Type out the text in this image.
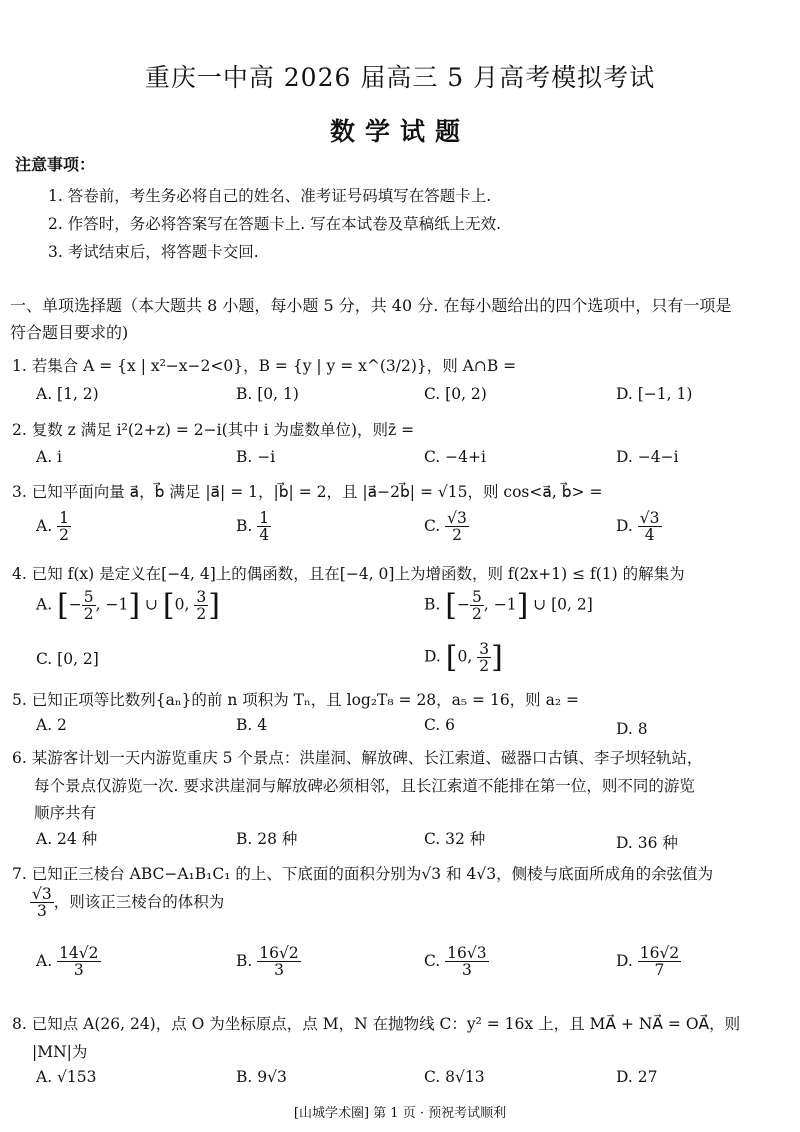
重庆一中高 2026 届高三 5 月高考模拟考试
数学试题
注意事项：
1. 答卷前，考生务必将自己的姓名、准考证号码填写在答题卡上.
2. 作答时，务必将答案写在答题卡上. 写在本试卷及草稿纸上无效.
3. 考试结束后，将答题卡交回.
一、单项选择题（本大题共 8 小题，每小题 5 分，共 40 分. 在每小题给出的四个选项中，只有一项是
符合题目要求的)
1. 若集合 A = {x | x²−x−2<0}，B = {y | y = x^(3/2)}，则 A∩B =
A. [1, 2)	B. [0, 1)	C. [0, 2)	D. [−1, 1)
2. 复数 z 满足 i²(2+z) = 2−i(其中 i 为虚数单位)，则z̄ =
A. i	B. −i	C. −4+i	D. −4−i
3. 已知平面向量 a⃗，b⃗ 满足 |a⃗| = 1，|b⃗| = 2，且 |a⃗−2b⃗| = √15，则 cos<a⃗, b⃗> =
A. $\frac{1}{2}$	B. $\frac{1}{4}$	C. $\frac{√3}{2}$	D. $\frac{√3}{4}$
4. 已知 f(x) 是定义在[−4, 4]上的偶函数，且在[−4, 0]上为增函数，则 f(2x+1) ≤ f(1) 的解集为
A. [− $\frac{5}{2}$ , −1] ∪ [0, $\frac{3}{2}$ ]	B. [− $\frac{5}{2}$ , −1] ∪ [0, 2]
C. [0, 2]	D. [0, $\frac{3}{2}$ ]
5. 已知正项等比数列{aₙ}的前 n 项积为 Tₙ，且 log₂T₈ = 28，a₅ = 16，则 a₂ =
A. 2	B. 4	C. 6	D. 8
6. 某游客计划一天内游览重庆 5 个景点：洪崖洞、解放碑、长江索道、磁器口古镇、李子坝轻轨站，
每个景点仅游览一次. 要求洪崖洞与解放碑必须相邻，且长江索道不能排在第一位，则不同的游览
顺序共有
A. 24 种	B. 28 种	C. 32 种	D. 36 种
7. 已知正三棱台 ABC−A₁B₁C₁ 的上、下底面的面积分别为√3 和 4√3，侧棱与底面所成角的余弦值为
$\frac{√3}{3}$ ，则该正三棱台的体积为
A. $\frac{14√2}{3}$	B. $\frac{16√2}{3}$	C. $\frac{16√3}{3}$	D. $\frac{16√2}{7}$
8. 已知点 A(26, 24)，点 O 为坐标原点，点 M，N 在抛物线 C：y² = 16x 上，且 MA⃗ + NA⃗ = OA⃗，则
|MN|为
A. √153	B. 9√3	C. 8√13	D. 27
[山城学术圈] 第 1 页 · 预祝考试顺利
